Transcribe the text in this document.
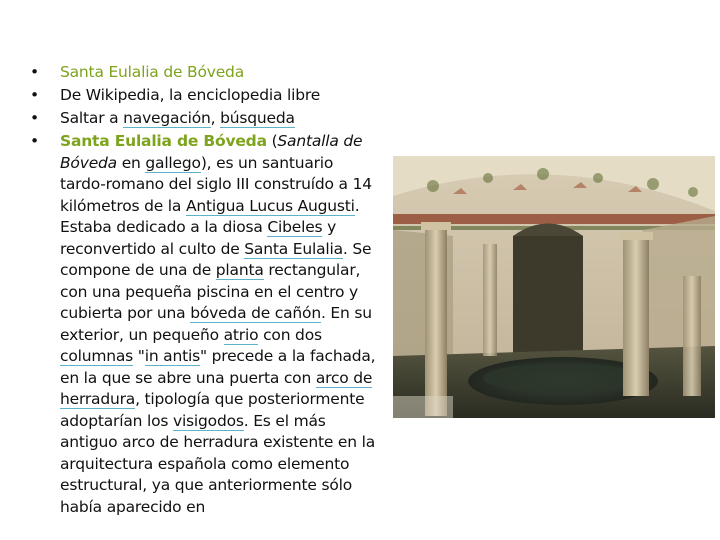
•	Santa Eulalia de Bóveda
•	De Wikipedia, la enciclopedia libre
•	Saltar a navegación, búsqueda
•	Santa Eulalia de Bóveda (Santalla de Bóveda en gallego), es un santuario tardo-romano del siglo III construído a 14 kilómetros de la Antigua Lucus Augusti. Estaba dedicado a la diosa Cibeles y reconvertido al culto de Santa Eulalia. Se compone de una de planta rectangular, con una pequeña piscina en el centro y cubierta por una bóveda de cañón. En su exterior, un pequeño atrio con dos columnas "in antis" precede a la fachada, en la que se abre una puerta con arco de herradura, tipología que posteriormente adoptarían los visigodos. Es el más antiguo arco de herradura existente en la arquitectura española como elemento estructural, ya que anteriormente sólo había aparecido en
